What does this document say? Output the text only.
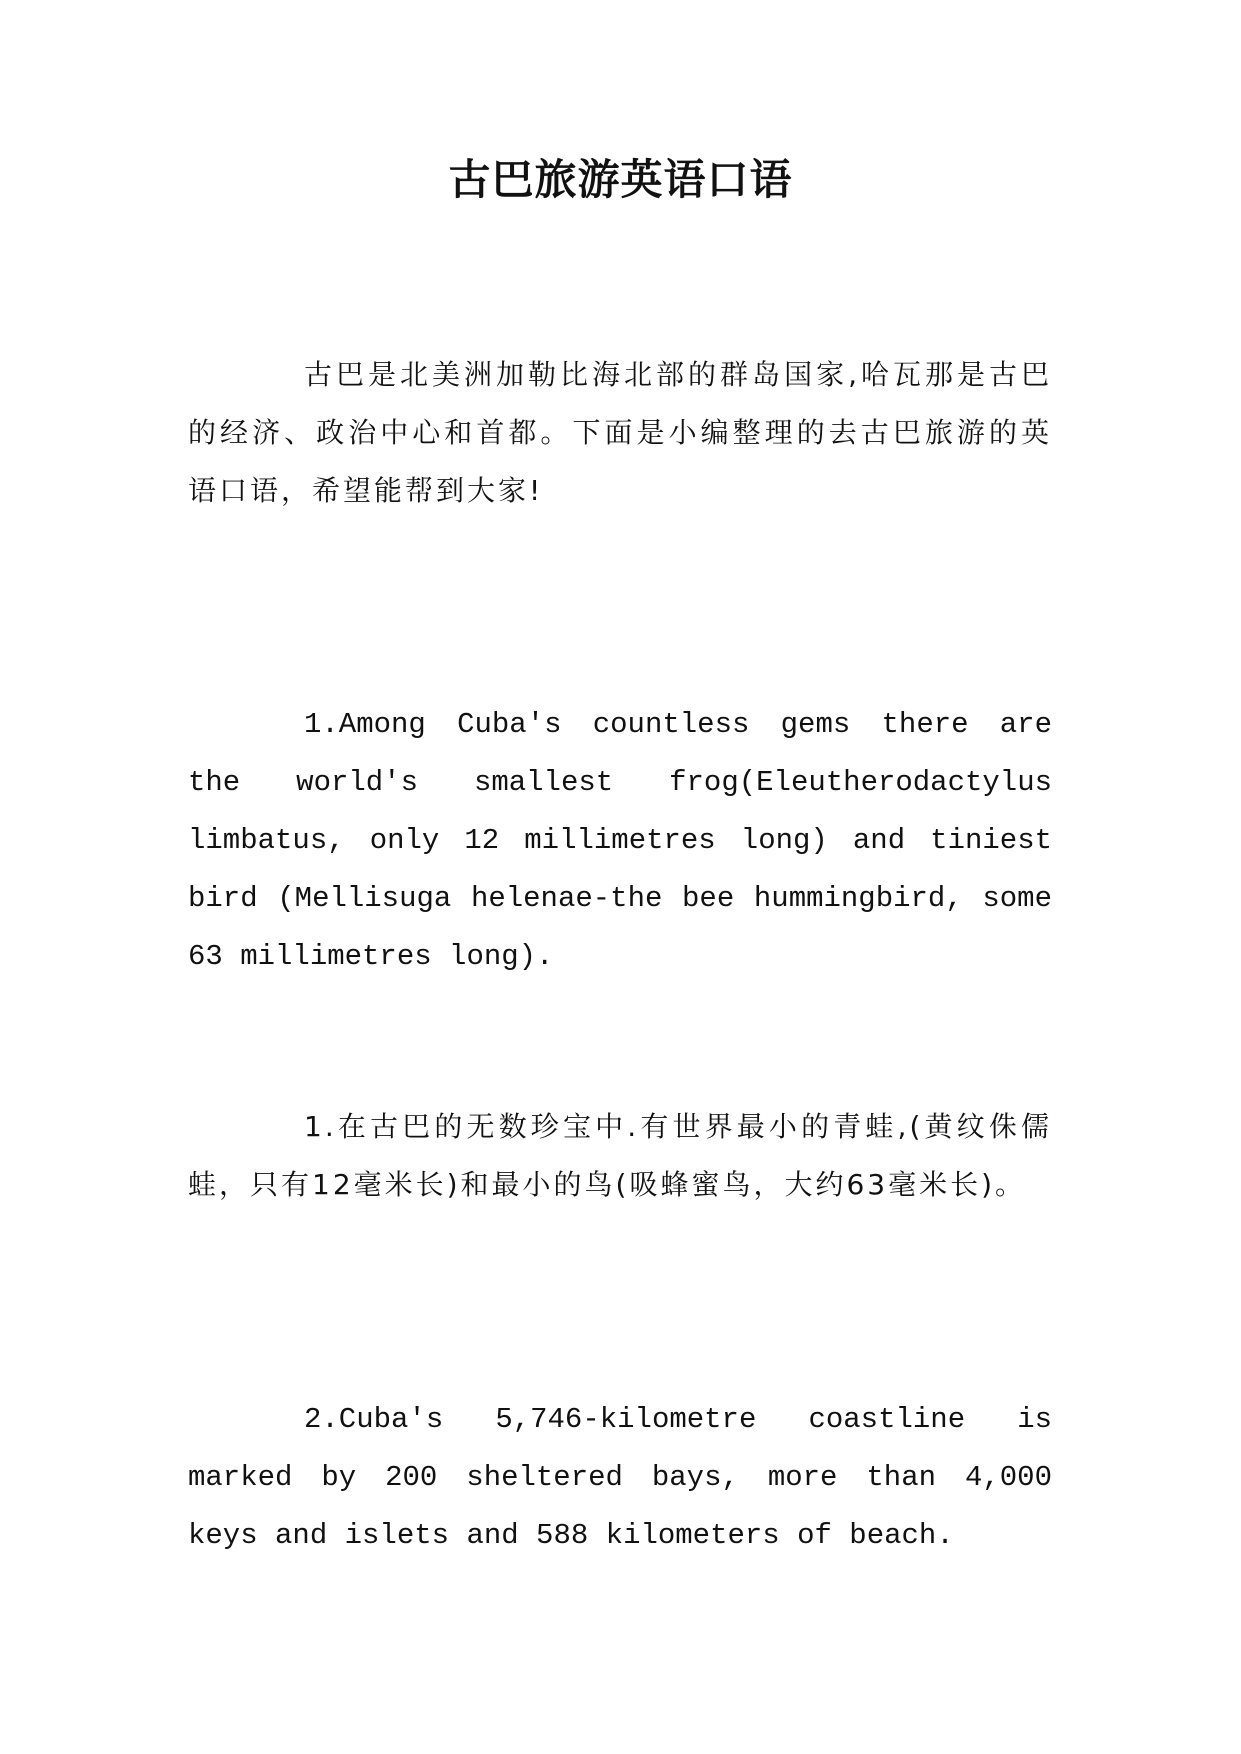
古巴旅游英语口语

古巴是北美洲加勒比海北部的群岛国家,哈瓦那是古巴的经济、政治中心和首都。下面是小编整理的去古巴旅游的英语口语，希望能帮到大家!

1.Among Cuba's countless gems there are the world's smallest frog(Eleutherodactylus limbatus, only 12 millimetres long) and tiniest bird (Mellisuga helenae-the bee hummingbird, some 63 millimetres long).

1.在古巴的无数珍宝中.有世界最小的青蛙,(黄纹侏儒蛙，只有12毫米长)和最小的鸟(吸蜂蜜鸟，大约63毫米长)。

2.Cuba's 5,746-kilometre coastline is marked by 200 sheltered bays, more than 4,000 keys and islets and 588 kilometers of beach.
